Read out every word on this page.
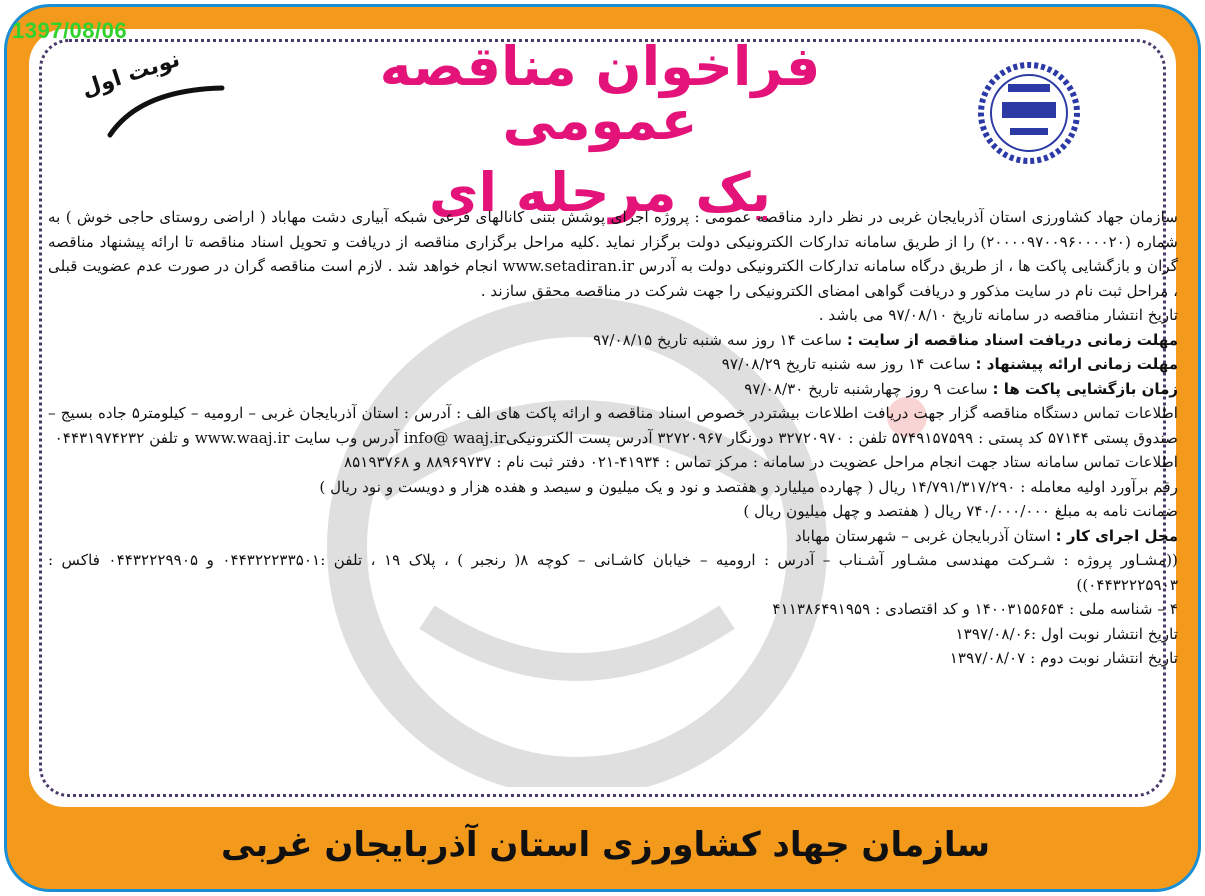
سازمان جهاد کشاورزی استان آذربایجان غربی
1397/08/06
نوبت اول	فراخوان مناقصه عمومی
یک مرحله ای

سازمان جهاد کشاورزی استان آذربایجان غربی در نظر دارد مناقصه عمومی : پروژه اجرای پوشش بتنی کانالهای فرعی شبکه آبیاری دشت مهاباد ( اراضی روستای حاجی خوش ) به شماره (۲۰۰۰۰۹۷۰۰۹۶۰۰۰۰۲۰) را از طریق سامانه تدارکات الکترونیکی دولت برگزار نماید .کلیه مراحل برگزاری مناقصه از دریافت و تحویل اسناد مناقصه تا ارائه پیشنهاد مناقصه گران و بازگشایی پاکت ها ، از طریق درگاه سامانه تدارکات الکترونیکی دولت به آدرس www.setadiran.ir انجام خواهد شد . لازم است مناقصه گران در صورت عدم عضویت قبلی ، مراحل ثبت نام در سایت مذکور و دریافت گواهی امضای الکترونیکی را جهت شرکت در مناقصه محقق سازند .

تاریخ انتشار مناقصه در سامانه تاریخ ۹۷/۰۸/۱۰ می باشد .

مهلت زمانی دریافت اسناد مناقصه از سایت : ساعت ۱۴ روز سه شنبه تاریخ ۹۷/۰۸/۱۵

مهلت زمانی ارائه پیشنهاد : ساعت ۱۴ روز سه شنبه تاریخ ۹۷/۰۸/۲۹

زمان بازگشایی پاکت ها : ساعت ۹ روز چهارشنبه تاریخ ۹۷/۰۸/۳۰

اطلاعات تماس دستگاه مناقصه گزار جهت دریافت اطلاعات بیشتردر خصوص اسناد مناقصه و ارائه پاکت های الف : آدرس : استان آذربایجان غربی – ارومیه – کیلومتر۵ جاده بسیج – صندوق پستی ۵۷۱۴۴ کد پستی : ۵۷۴۹۱۵۷۵۹۹ تلفن : ۳۲۷۲۰۹۷۰ دورنگار ۳۲۷۲۰۹۶۷ آدرس پست الکترونیکیinfo@ waaj.ir آدرس وب سایت www.waaj.ir و تلفن ۰۴۴۳۱۹۷۴۲۳۲

اطلاعات تماس سامانه ستاد جهت انجام مراحل عضویت در سامانه : مرکز تماس : ۴۱۹۳۴-۰۲۱ دفتر ثبت نام : ۸۸۹۶۹۷۳۷ و ۸۵۱۹۳۷۶۸

رقم برآورد اولیه معامله : ۱۴/۷۹۱/۳۱۷/۲۹۰ ریال ( چهارده میلیارد و هفتصد و نود و یک میلیون و سیصد و هفده هزار و دویست و نود ریال )

ضمانت نامه به مبلغ ۷۴۰/۰۰۰/۰۰۰ ریال ( هفتصد و چهل میلیون ریال )

محل اجرای کار : استان آذربایجان غربی – شهرستان مهاباد

((مشـاور پروژه : شـرکت مهندسی مشـاور آشـناب – آدرس : ارومیه – خیابان کاشـانی – کوچه ۸( رنجبر ) ، پلاک ۱۹ ، تلفن :۰۴۴۳۲۲۲۳۳۵۰۱ و ۰۴۴۳۲۲۲۹۹۰۵ فاکس : ۰۴۴۳۲۲۲۵۹۰۳))

۴ – شناسه ملی : ۱۴۰۰۳۱۵۵۶۵۴ و کد اقتصادی : ۴۱۱۳۸۶۴۹۱۹۵۹

تاریخ انتشار نوبت اول :۱۳۹۷/۰۸/۰۶

تاریخ انتشار نوبت دوم : ۱۳۹۷/۰۸/۰۷
